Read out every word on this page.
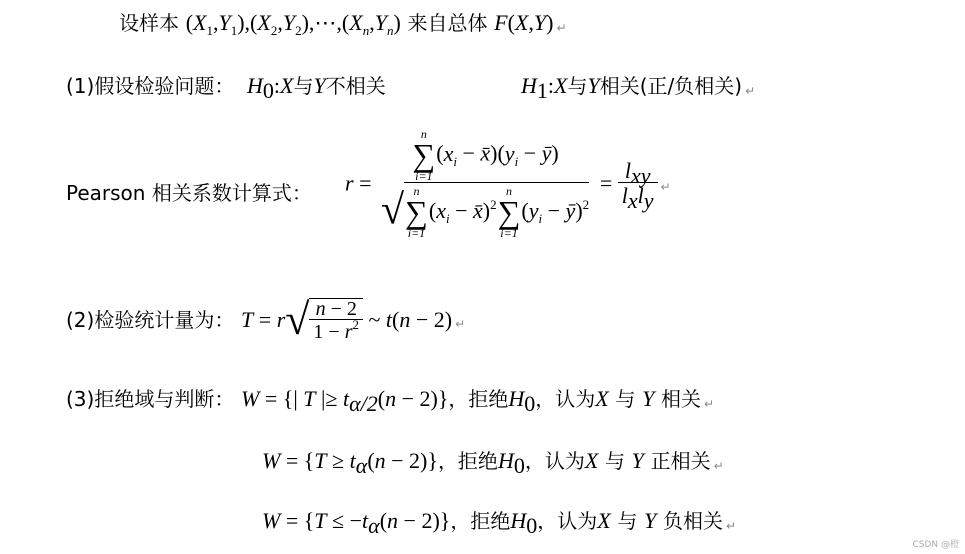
设样本 $(X_1,Y_1),(X_2,Y_2),\cdots,(X_n,Y_n)$ 来自总体 F(X,Y) ↵
(1)假设检验问题： $H_0:X$与Y不相关	$H_1:X$与Y相关(正/负相关) ↵
Pearson 相关系数计算式： r =
n
∑
i=1
($x_i$ − $x̄)(y_i$ − ȳ)
√ n
∑
i=1
($x_i$ − x̄)$^2$
n
∑
i=1
($y_i$ − ȳ)$^2$
= $\frac{l_{xy}}{l_xl_y}$ ↵
(2)检验统计量为： $T = r√ \frac{n - 2}{1 - r^2}$ ~ t(n − 2) ↵
(3)拒绝域与判断： W = {| T |≥ $t_{\alpha/2}(n - 2)$}，拒绝$H_0$，认为X 与 Y 相关 ↵
$W = \{T \ge t_\alpha(n - 2)\}$，拒绝$H_0$，认为X 与 Y 正相关 ↵
$W = \{T \le -t_\alpha(n - 2)\}$，拒绝$H_0$，认为X 与 Y 负相关 ↵
CSDN @橙
